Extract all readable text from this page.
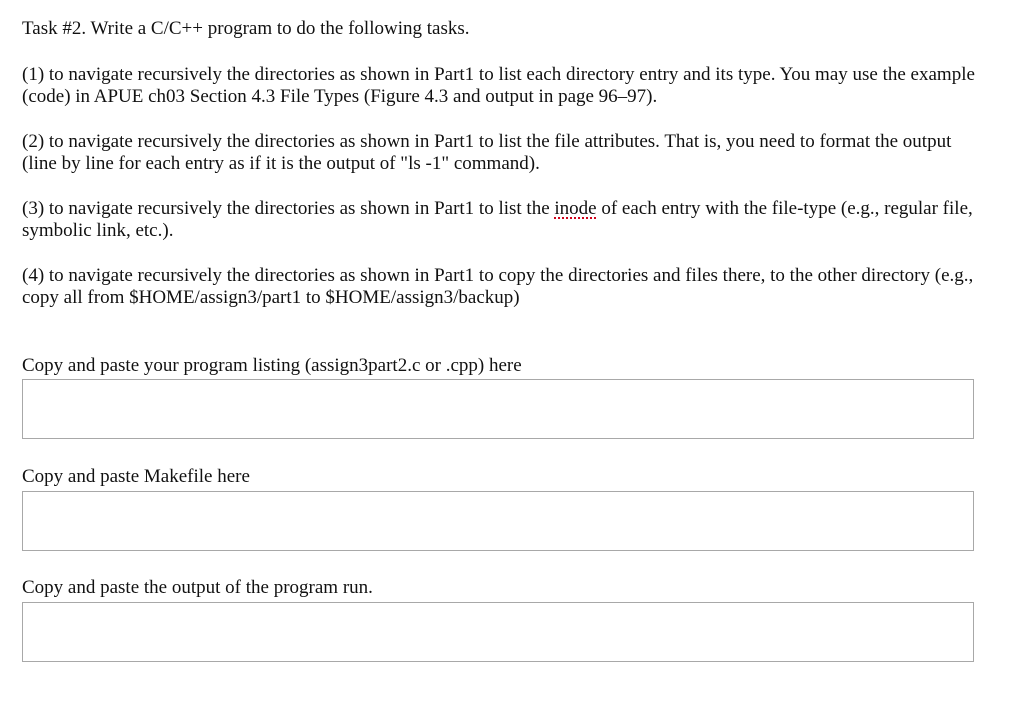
Task #2. Write a C/C++ program to do the following tasks.

(1) to navigate recursively the directories as shown in Part1 to list each directory entry and its type. You may use the example (code) in APUE ch03 Section 4.3 File Types (Figure 4.3 and output in page 96–97).

(2) to navigate recursively the directories as shown in Part1 to list the file attributes. That is, you need to format the output (line by line for each entry as if it is the output of "ls -1" command).

(3) to navigate recursively the directories as shown in Part1 to list the inode of each entry with the file-type (e.g., regular file, symbolic link, etc.).

(4) to navigate recursively the directories as shown in Part1 to copy the directories and files there, to the other directory (e.g., copy all from $HOME/assign3/part1 to $HOME/assign3/backup)

Copy and paste your program listing (assign3part2.c or .cpp) here

Copy and paste Makefile here

Copy and paste the output of the program run.
